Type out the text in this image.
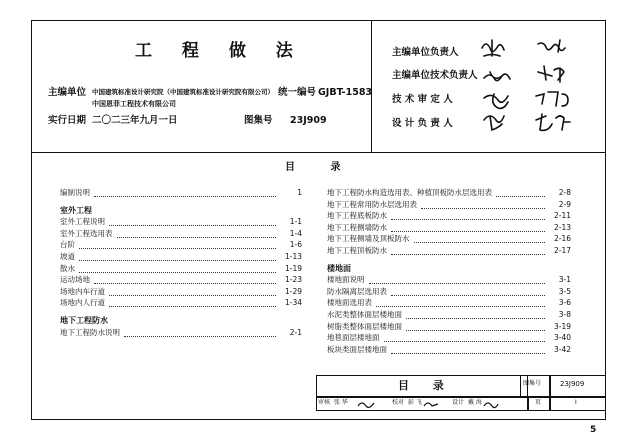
工 程 做 法
主编单位 中国建筑标准设计研究院（中国建筑标准设计研究院有限公司）
中国恩菲工程技术有限公司
统一编号 GJBT-1583
实行日期 二〇二三年九月一日	图集号 23J909
主编单位负责人
主编单位技术负责人
技 术 审 定 人
设 计 负 责 人
目 录
编制说明	1
室外工程
室外工程说明	1-1
室外工程选用表	1-4
台阶	1-6
坡道	1-13
散水	1-19
运动场地	1-23
场地内车行道	1-29
场地内人行道	1-34
地下工程防水
地下工程防水说明	2-1
地下工程防水构造选用表、种植顶板防水层选用表	2-8
地下工程常用防水层选用表	2-9
地下工程底板防水	2-11
地下工程侧墙防水	2-13
地下工程侧墙及顶板防水	2-16
地下工程顶板防水	2-17
楼地面
楼地面说明	3-1
防水隔离层选用表	3-5
楼地面选用表	3-6
水泥类整体面层楼地面	3-8
树脂类整体面层楼地面	3-19
地毯面层楼地面	3-40
板块类面层楼地面	3-42
目 录	图集号	23J909
审核 张 华	校对 彭 飞	设计 戴 海	页	I
5
